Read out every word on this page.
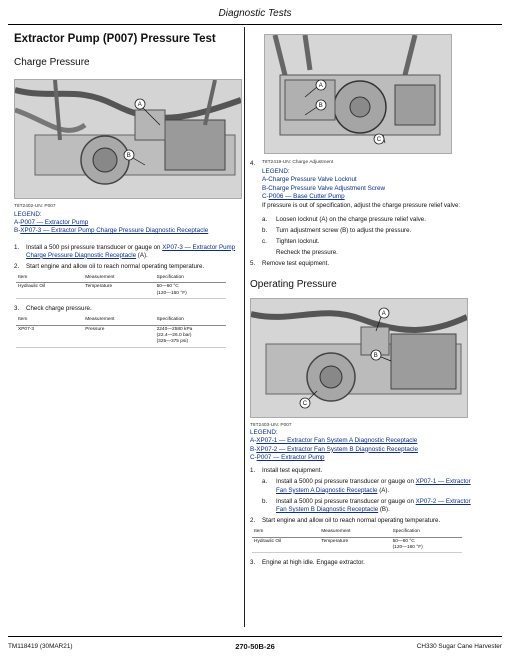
Diagnostic Tests
Extractor Pump (P007) Pressure Test
Charge Pressure
A
B
T8T2402-UN: P007
LEGEND:
A-P007 — Extractor Pump
B-XP07-3 — Extractor Pump Charge Pressure Diagnostic Receptacle
1.	Install a 500 psi pressure transducer or gauge on XP07-3 — Extractor Pump Charge Pressure Diagnostic Receptacle (A).
2.	Start engine and allow oil to reach normal operating temperature.
Item	Measurement	Specification
Hydraulic Oil	Temperature	50—60 °C
(120—160 °F)
3.	Check charge pressure.
Item	Measurement	Specification
XP07-3	Pressure	2240—2580 kPa
(22.4—26.0 bar)
(325—375 psi)
A
B
C
4.	T8T2419-UN: Charge Adjustment
LEGEND:
A-Charge Pressure Valve Locknut
B-Charge Pressure Valve Adjustment Screw
C-P006 — Base Cutter Pump
If pressure is out of specification, adjust the charge pressure relief valve:
a.	Loosen locknut (A) on the charge pressure relief valve.
b.	Turn adjustment screw (B) to adjust the pressure.
c.	Tighten locknut.
Recheck the pressure.
5.	Remove test equipment.
Operating Pressure
A
B
C
T8T2403-UN: P007
LEGEND:
A-XP07-1 — Extractor Fan System A Diagnostic Receptacle
B-XP07-2 — Extractor Fan System B Diagnostic Receptacle
C-P007 — Extractor Pump
1.	Install test equipment.
a.	Install a 5000 psi pressure transducer or gauge on XP07-1 — Extractor Fan System A Diagnostic Receptacle (A).
b.	Install a 5000 psi pressure transducer or gauge on XP07-2 — Extractor Fan System B Diagnostic Receptacle (B).
2.	Start engine and allow oil to reach normal operating temperature.
Item	Measurement	Specification
Hydraulic Oil	Temperature	50—60 °C
(120—160 °F)
3.	Engine at high idle. Engage extractor.
TM118419 (30MAR21)	270-50B-26	CH330 Sugar Cane Harvester
